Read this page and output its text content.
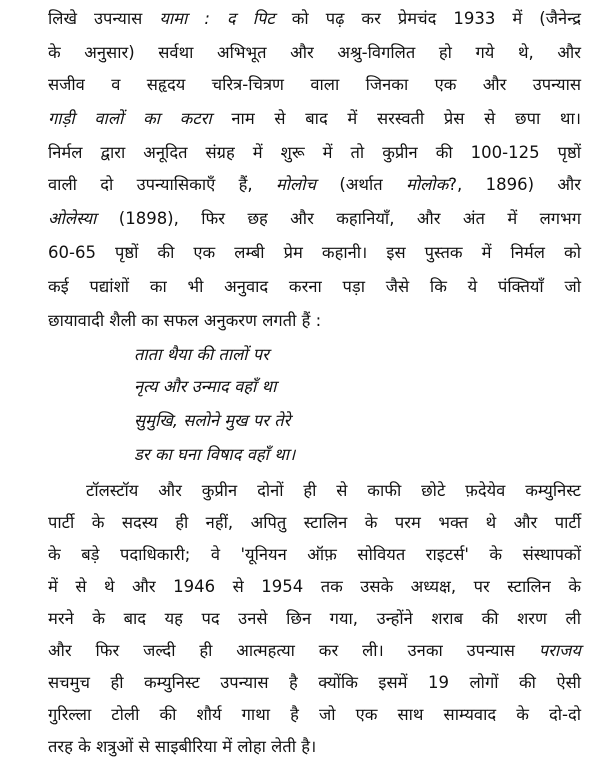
लिखे उपन्यास यामा : द पिट को पढ़ कर प्रेमचंद 1933 में (जैनेन्द्र
के अनुसार) सर्वथा अभिभूत और अश्रु-विगलित हो गये थे, और
सजीव व सहृदय चरित्र-चित्रण वाला जिनका एक और उपन्यास
गाड़ी वालों का कटरा नाम से बाद में सरस्वती प्रेस से छपा था।
निर्मल द्वारा अनूदित संग्रह में शुरू में तो कुप्रीन की 100-125 पृष्ठों
वाली दो उपन्यासिकाएँ हैं, मोलोच (अर्थात मोलोक?, 1896) और
ओलेस्या (1898), फिर छह और कहानियाँ, और अंत में लगभग
60-65 पृष्ठों की एक लम्बी प्रेम कहानी। इस पुस्तक में निर्मल को
कई पद्यांशों का भी अनुवाद करना पड़ा जैसे कि ये पंक्तियाँ जो
छायावादी शैली का सफल अनुकरण लगती हैं :
ताता थैया की तालों पर
नृत्य और उन्माद वहाँ था
सुमुखि, सलोने मुख पर तेरे
डर का घना विषाद वहाँ था।
टॉलस्टॉय और कुप्रीन दोनों ही से काफी छोटे फ़देयेव कम्युनिस्ट
पार्टी के सदस्य ही नहीं, अपितु स्टालिन के परम भक्त थे और पार्टी
के बड़े पदाधिकारी; वे 'यूनियन ऑफ़ सोवियत राइटर्स' के संस्थापकों
में से थे और 1946 से 1954 तक उसके अध्यक्ष, पर स्टालिन के
मरने के बाद यह पद उनसे छिन गया, उन्होंने शराब की शरण ली
और फिर जल्दी ही आत्महत्या कर ली। उनका उपन्यास पराजय
सचमुच ही कम्युनिस्ट उपन्यास है क्योंकि इसमें 19 लोगों की ऐसी
गुरिल्ला टोली की शौर्य गाथा है जो एक साथ साम्यवाद के दो-दो
तरह के शत्रुओं से साइबीरिया में लोहा लेती है।
